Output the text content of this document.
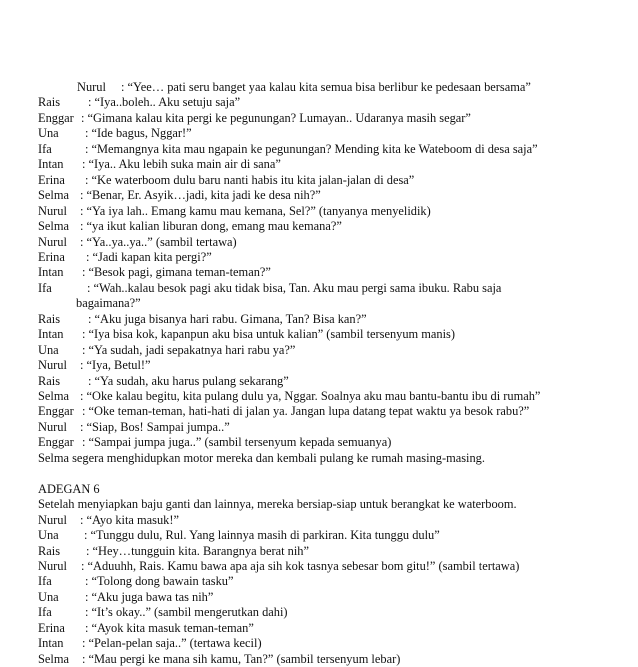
Nurul : “Yee… pati seru banget yaa kalau kita semua bisa berlibur ke pedesaan bersama”
Rais : “Iya..boleh.. Aku setuju saja”
Enggar : “Gimana kalau kita pergi ke pegunungan? Lumayan.. Udaranya masih segar”
Una : “Ide bagus, Nggar!”
Ifa	: “Memangnya kita mau ngapain ke pegunungan? Mending kita ke Wateboom di desa saja”
Intan : “Iya.. Aku lebih suka main air di sana”
Erina : “Ke waterboom dulu baru nanti habis itu kita jalan-jalan di desa”
Selma : “Benar, Er. Asyik…jadi, kita jadi ke desa nih?”
Nurul : “Ya iya lah.. Emang kamu mau kemana, Sel?” (tanyanya menyelidik)
Selma : “ya ikut kalian liburan dong, emang mau kemana?”
Nurul : “Ya..ya..ya..” (sambil tertawa)
Erina : “Jadi kapan kita pergi?”
Intan : “Besok pagi, gimana teman-teman?”
Ifa	: “Wah..kalau besok pagi aku tidak bisa, Tan. Aku mau pergi sama ibuku. Rabu saja
bagaimana?”
Rais : “Aku juga bisanya hari rabu. Gimana, Tan? Bisa kan?”
Intan : “Iya bisa kok, kapanpun aku bisa untuk kalian” (sambil tersenyum manis)
Una : “Ya sudah, jadi sepakatnya hari rabu ya?”
Nurul : “Iya, Betul!”
Rais : “Ya sudah, aku harus pulang sekarang”
Selma : “Oke kalau begitu, kita pulang dulu ya, Nggar. Soalnya aku mau bantu-bantu ibu di rumah”
Enggar : “Oke teman-teman, hati-hati di jalan ya. Jangan lupa datang tepat waktu ya besok rabu?”
Nurul : “Siap, Bos! Sampai jumpa..”
Enggar : “Sampai jumpa juga..” (sambil tersenyum kepada semuanya)
Selma segera menghidupkan motor mereka dan kembali pulang ke rumah masing-masing.
ADEGAN 6
Setelah menyiapkan baju ganti dan lainnya, mereka bersiap-siap untuk berangkat ke waterboom.
Nurul : “Ayo kita masuk!”
Una : “Tunggu dulu, Rul. Yang lainnya masih di parkiran. Kita tunggu dulu”
Rais : “Hey…tungguin kita. Barangnya berat nih”
Nurul : “Aduuhh, Rais. Kamu bawa apa aja sih kok tasnya sebesar bom gitu!” (sambil tertawa)
Ifa	: “Tolong dong bawain tasku”
Una : “Aku juga bawa tas nih”
Ifa	: “It’s okay..” (sambil mengerutkan dahi)
Erina : “Ayok kita masuk teman-teman”
Intan : “Pelan-pelan saja..” (tertawa kecil)
Selma : “Mau pergi ke mana sih kamu, Tan?” (sambil tersenyum lebar)
